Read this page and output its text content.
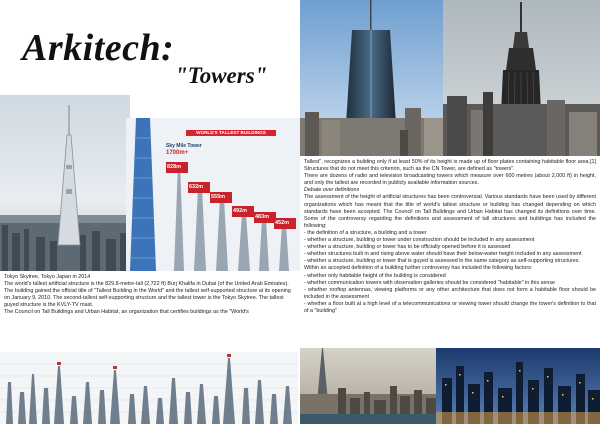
Arkitech:
"Towers"
WORLD'S TALLEST BUILDINGS
Sky Mile Tower
1700m+
828m
632m
555m
492m
483m
452m

Tokyo Skytree, Tokyo Japan in 2014

The world's tallest artificial structure is the 829.8-metre-tall (2,722 ft) Burj Khalifa in Dubai (of the United Arab Emirates). The building gained the official title of "Tallest Building in the World" and the tallest self-supported structure at its opening on January 9, 2010. The second-tallest self-supporting structure and the tallest tower is the Tokyo Skytree. The tallest guyed structure is the KVLY-TV mast.

The Council on Tall Buildings and Urban Habitat, an organization that certifies buildings as the "World's

Tallest", recognizes a building only if at least 50% of its height is made up of floor plates containing habitable floor area.[1] Structures that do not meet this criterion, such as the CN Tower, are defined as "towers".

There are dozens of radio and television broadcasting towers which measure over 600 metres (about 2,000 ft) in height, and only the tallest are recorded in publicly available information sources.

Debate over definitions

The assessment of the height of artificial structures has been controversial. Various standards have been used by different organizations which has meant that the title of world's tallest structure or building has changed depending on which standards have been accepted. The Council on Tall Buildings and Urban Habitat has changed its definitions over time. Some of the controversy regarding the definitions and assessment of tall structures and buildings has included the following:

- the definition of a structure, a building and a tower

- whether a structure, building or tower under construction should be included in any assessment

- whether a structure, building or tower has to be officially opened before it is assessed

- whether structures built in and rising above water should have their below-water height included in any assessment

- whether a structure, building or tower that is guyed is assessed in the same category as self-supporting structures.

Within an accepted definition of a building further controversy has included the following factors:

- whether only habitable height of the building is considered

- whether communication towers with observation galleries should be considered "habitable" in this sense

- whether rooftop antennas, viewing platforms or any other architecture that does not form a habitable floor should be included in the assessment

- whether a floor built at a high level of a telecommunications or viewing tower should change the tower's definition to that of a "building"
